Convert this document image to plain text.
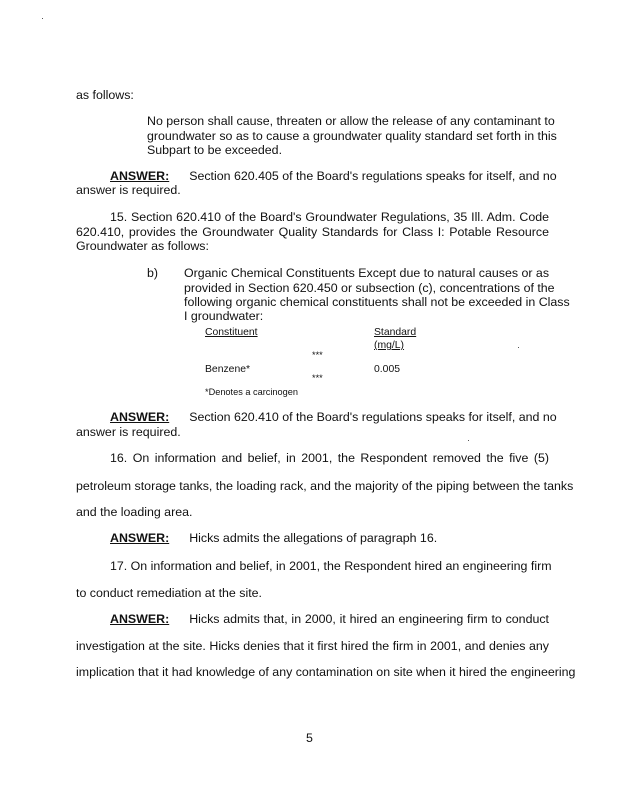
as follows:
No person shall cause, threaten or allow the release of any contaminant to
groundwater so as to cause a groundwater quality standard set forth in this
Subpart to be exceeded.
ANSWER: Section 620.405 of the Board's regulations speaks for itself, and no
answer is required.
15. Section 620.410 of the Board's Groundwater Regulations, 35 Ill. Adm. Code
620.410, provides the Groundwater Quality Standards for Class I: Potable Resource
Groundwater as follows:
b) Organic Chemical Constituents Except due to natural causes or as
provided in Section 620.450 or subsection (c), concentrations of the
following organic chemical constituents shall not be exceeded in Class
I groundwater:
Constituent	Standard
(mg/L)
***
Benzene*	0.005
***
*Denotes a carcinogen
ANSWER: Section 620.410 of the Board's regulations speaks for itself, and no
answer is required.
16. On information and belief, in 2001, the Respondent removed the five (5)
petroleum storage tanks, the loading rack, and the majority of the piping between the tanks
and the loading area.
ANSWER: Hicks admits the allegations of paragraph 16.
17. On information and belief, in 2001, the Respondent hired an engineering firm
to conduct remediation at the site.
ANSWER: Hicks admits that, in 2000, it hired an engineering firm to conduct
investigation at the site. Hicks denies that it first hired the firm in 2001, and denies any
implication that it had knowledge of any contamination on site when it hired the engineering
5
